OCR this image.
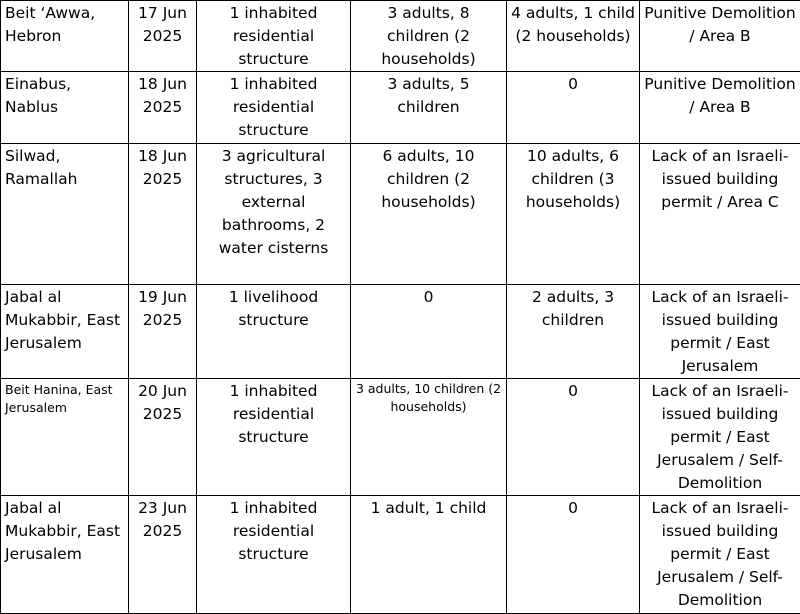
Beit ‘Awwa, Hebron	17 Jun 2025	1 inhabited residential structure	3 adults, 8 children (2 households)	4 adults, 1 child (2 households)	Punitive Demolition / Area B
Einabus, Nablus	18 Jun 2025	1 inhabited residential structure	3 adults, 5 children	0	Punitive Demolition / Area B
Silwad, Ramallah	18 Jun 2025	3 agricultural structures, 3 external bathrooms, 2 water cisterns	6 adults, 10 children (2 households)	10 adults, 6 children (3 households)	Lack of an Israeli-issued building permit / Area C
Jabal al Mukabbir, East Jerusalem	19 Jun 2025	1 livelihood structure	0	2 adults, 3 children	Lack of an Israeli-issued building permit / East Jerusalem
Beit Hanina, East Jerusalem	20 Jun 2025	1 inhabited residential structure	3 adults, 10 children (2 households)	0	Lack of an Israeli-issued building permit / East Jerusalem / Self-Demolition
Jabal al Mukabbir, East Jerusalem	23 Jun 2025	1 inhabited residential structure	1 adult, 1 child	0	Lack of an Israeli-issued building permit / East Jerusalem / Self-Demolition
